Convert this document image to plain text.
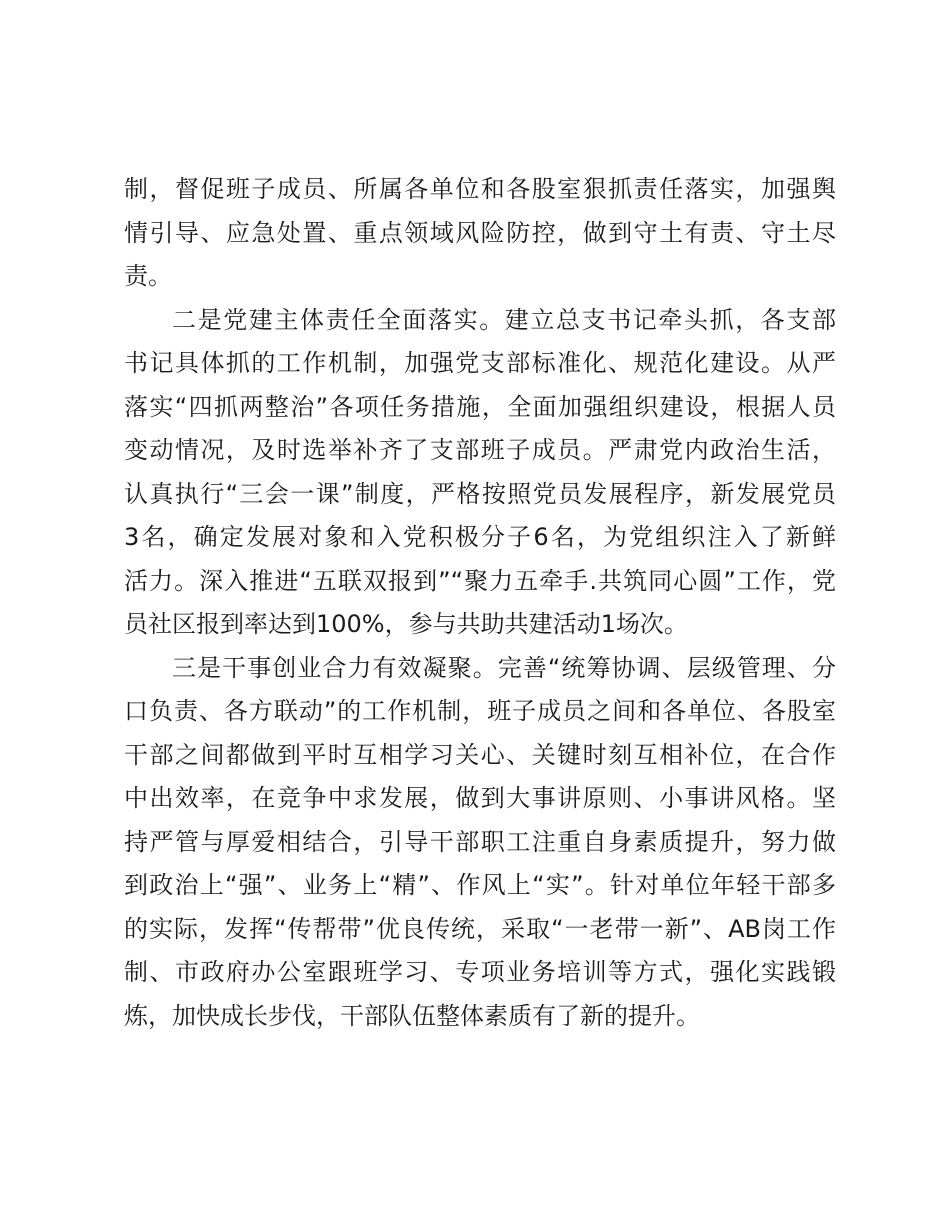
制，督促班子成员、所属各单位和各股室狠抓责任落实，加强舆
情引导、应急处置、重点领域风险防控，做到守土有责、守土尽
责。
二是党建主体责任全面落实。建立总支书记牵头抓，各支部
书记具体抓的工作机制，加强党支部标准化、规范化建设。从严
落实“四抓两整治”各项任务措施，全面加强组织建设，根据人员
变动情况，及时选举补齐了支部班子成员。严肃党内政治生活，
认真执行“三会一课”制度，严格按照党员发展程序，新发展党员
3名，确定发展对象和入党积极分子6名，为党组织注入了新鲜
活力。深入推进“五联双报到”“聚力五牵手.共筑同心圆”工作，党
员社区报到率达到100%，参与共助共建活动1场次。
三是干事创业合力有效凝聚。完善“统筹协调、层级管理、分
口负责、各方联动”的工作机制，班子成员之间和各单位、各股室
干部之间都做到平时互相学习关心、关键时刻互相补位，在合作
中出效率，在竞争中求发展，做到大事讲原则、小事讲风格。坚
持严管与厚爱相结合，引导干部职工注重自身素质提升，努力做
到政治上“强”、业务上“精”、作风上“实”。针对单位年轻干部多
的实际，发挥“传帮带”优良传统，采取“一老带一新”、AB岗工作
制、市政府办公室跟班学习、专项业务培训等方式，强化实践锻
炼，加快成长步伐，干部队伍整体素质有了新的提升。
